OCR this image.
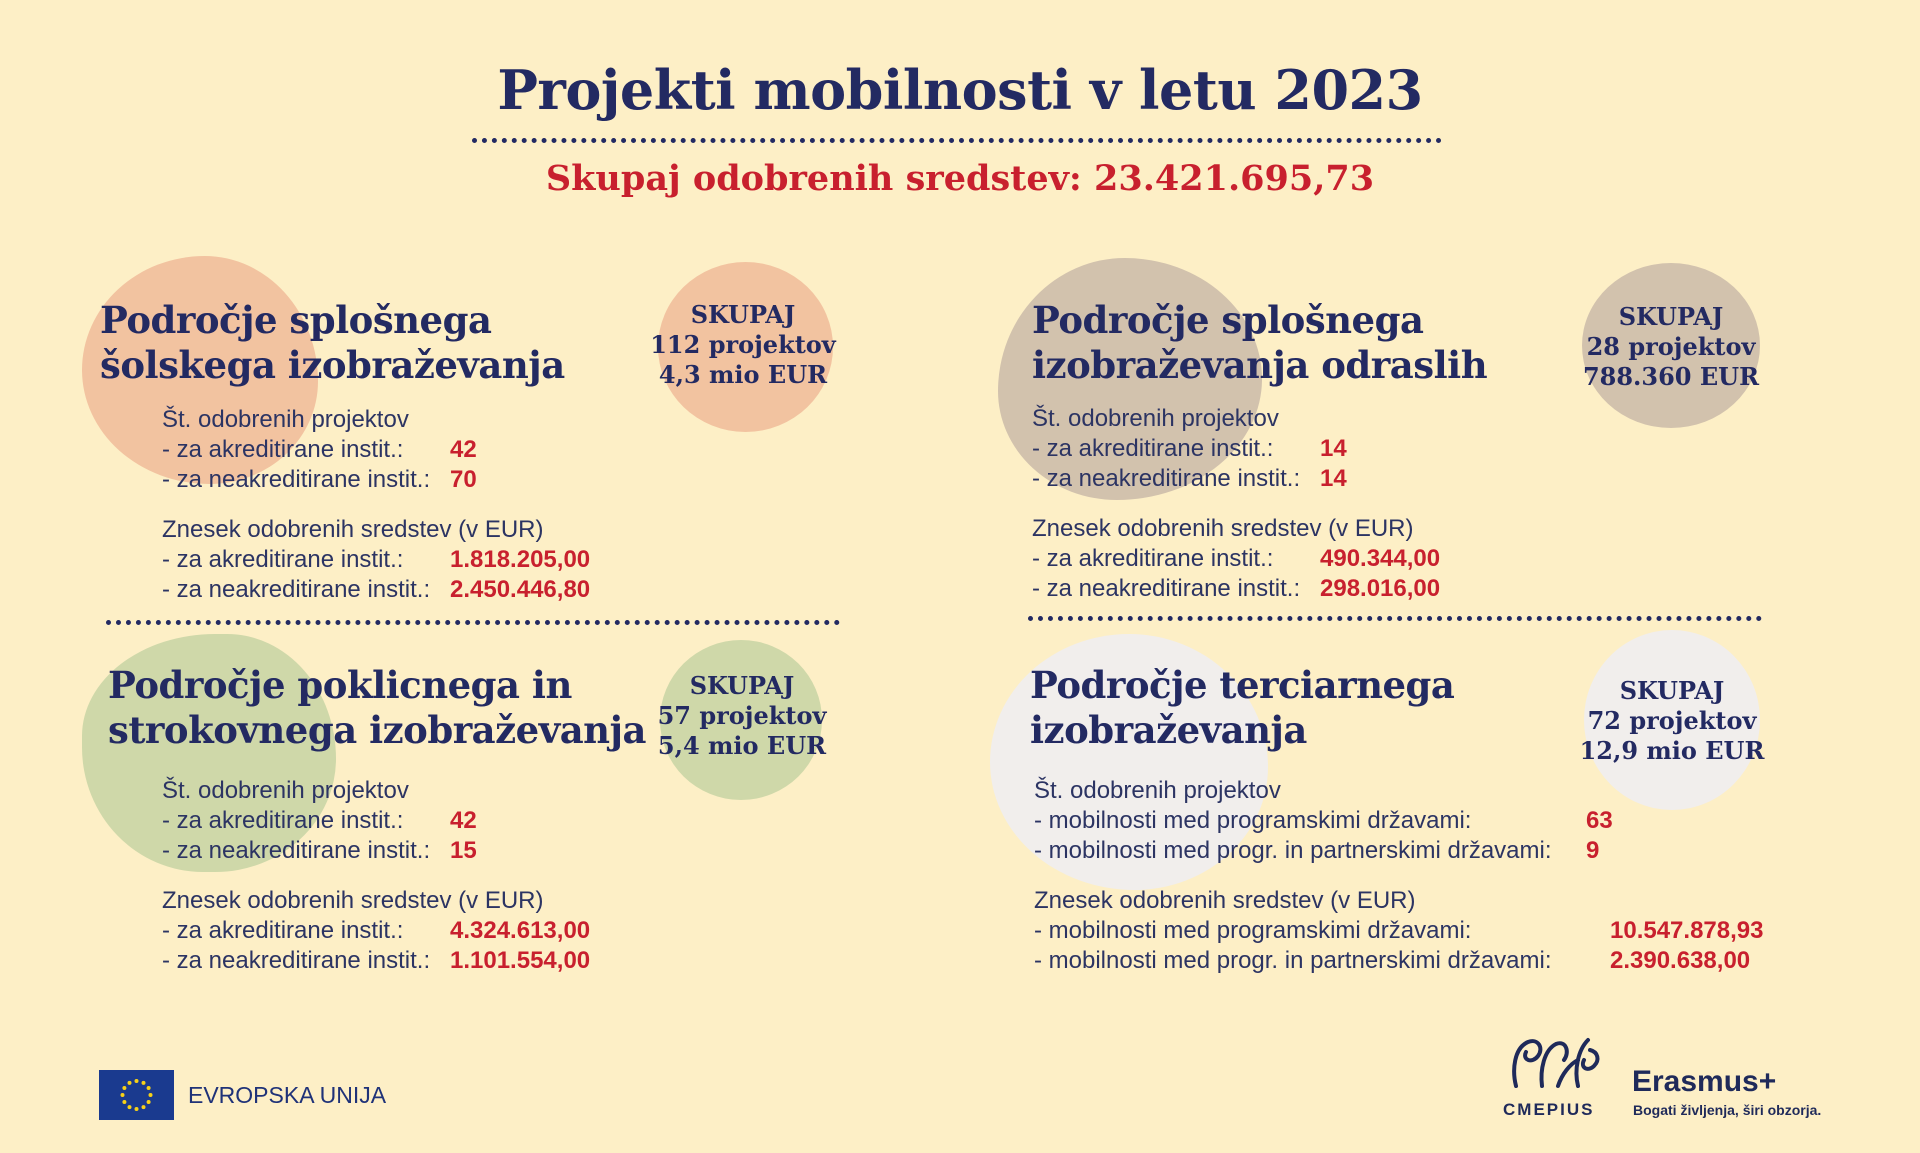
Projekti mobilnosti v letu 2023
Skupaj odobrenih sredstev: 23.421.695,73
Področje splošnega
šolskega izobraževanja
SKUPAJ
112 projektov
4,3 mio EUR
Št. odobrenih projektov
- za akreditirane instit.: 42
- za neakreditirane instit.: 70
Znesek odobrenih sredstev (v EUR)
- za akreditirane instit.: 1.818.205,00
- za neakreditirane instit.: 2.450.446,80
Področje splošnega
izobraževanja odraslih
SKUPAJ
28 projektov
788.360 EUR
Št. odobrenih projektov
- za akreditirane instit.: 14
- za neakreditirane instit.: 14
Znesek odobrenih sredstev (v EUR)
- za akreditirane instit.: 490.344,00
- za neakreditirane instit.: 298.016,00
Področje poklicnega in
strokovnega izobraževanja
SKUPAJ
57 projektov
5,4 mio EUR
Št. odobrenih projektov
- za akreditirane instit.: 42
- za neakreditirane instit.: 15
Znesek odobrenih sredstev (v EUR)
- za akreditirane instit.: 4.324.613,00
- za neakreditirane instit.: 1.101.554,00
Področje terciarnega
izobraževanja
SKUPAJ
72 projektov
12,9 mio EUR
Št. odobrenih projektov
- mobilnosti med programskimi državami:	63
- mobilnosti med progr. in partnerskimi državami: 9
Znesek odobrenih sredstev (v EUR)
- mobilnosti med programskimi državami:	10.547.878,93
- mobilnosti med progr. in partnerskimi državami: 2.390.638,00
EVROPSKA UNIJA
CMEPIUS
Erasmus+
Bogati življenja, širi obzorja.
